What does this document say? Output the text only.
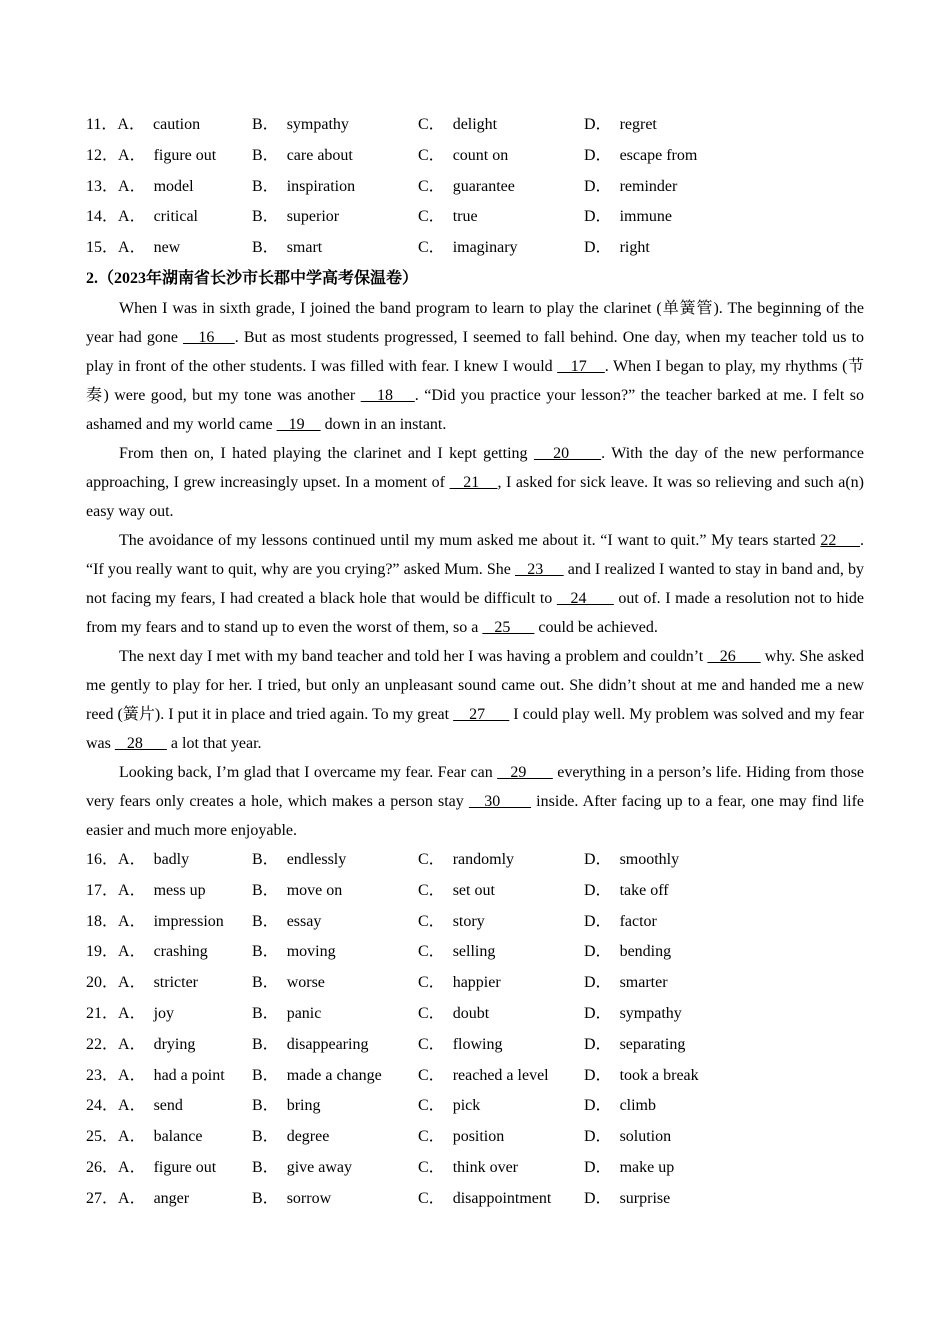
11． A． caution	B． sympathy	C． delight	D． regret
12． A． figure out B． care about	C． count on	D． escape from
13． A． model	B． inspiration	C． guarantee	D． reminder
14． A． critical	B． superior	C． true	D． immune
15． A． new	B． smart	C． imaginary	D． right
2.（2023年湖南省长沙市长郡中学高考保温卷）

When I was in sixth grade, I joined the band program to learn to play the clarinet (单簧管). The beginning of the year had gone    16    . But as most students progressed, I seemed to fall behind. One day, when my teacher told us to play in front of the other students. I was filled with fear. I knew I would    17    . When I began to play, my rhythms (节奏) were good, but my tone was another    18    . “Did you practice your lesson?” the teacher barked at me. I felt so ashamed and my world came    19     down in an instant.

From then on, I hated playing the clarinet and I kept getting    20     . With the day of the new performance approaching, I grew increasingly upset. In a moment of    21    , I asked for sick leave. It was so relieving and such a(n) easy way out.

The avoidance of my lessons continued until my mum asked me about it. “I want to quit.” My tears started 22     . “If you really want to quit, why are you crying?” asked Mum. She    23      and I realized I wanted to stay in band and, by not facing my fears, I had created a black hole that would be difficult to    24       out of. I made a resolution not to hide from my fears and to stand up to even the worst of them, so a    25       could be achieved.

The next day I met with my band teacher and told her I was having a problem and couldn’t    26       why. She asked me gently to play for her. I tried, but only an unpleasant sound came out. She didn’t shout at me and handed me a new reed (簧片). I put it in place and tried again. To my great     27       I could play well. My problem was solved and my fear was    28       a lot that year.

Looking back, I’m glad that I overcame my fear. Fear can    29       everything in a person’s life. Hiding from those very fears only creates a hole, which makes a person stay    30       inside. After facing up to a fear, one may find life easier and much more enjoyable.

16． A． badly	B． endlessly	C． randomly	D． smoothly
17． A． mess up	B． move on	C． set out	D． take off
18． A． impression B． essay	C． story	D． factor
19． A． crashing	B． moving	C． selling	D． bending
20． A． stricter	B． worse	C． happier	D． smarter
21． A． joy	B． panic	C． doubt	D． sympathy
22． A． drying	B． disappearing	C． flowing	D． separating
23． A． had a point B． made a change C． reached a level D． took a break
24． A． send	B． bring	C． pick	D． climb
25． A． balance	B． degree	C． position	D． solution
26． A． figure out B． give away	C． think over	D． make up
27． A． anger	B． sorrow	C． disappointment D． surprise
